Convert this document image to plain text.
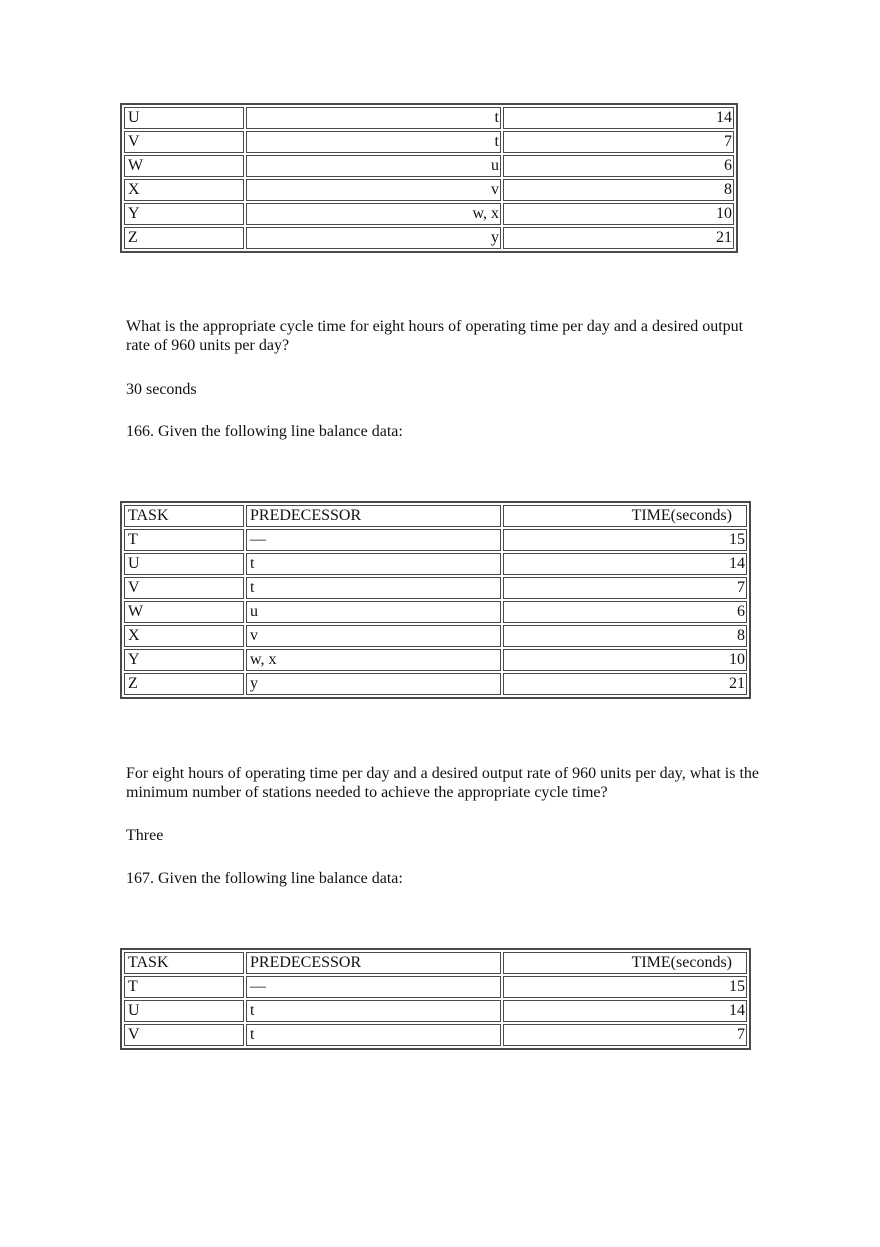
U	t	14
V	t	7
W	u	6
X	v	8
Y	w, x	10
Z	y	21

What is the appropriate cycle time for eight hours of operating time per day and a desired output rate of 960 units per day?

30 seconds

166. Given the following line balance data:

TASK	PREDECESSOR	TIME(seconds)
T	—	15
U	t	14
V	t	7
W	u	6
X	v	8
Y	w, x	10
Z	y	21

For eight hours of operating time per day and a desired output rate of 960 units per day, what is the minimum number of stations needed to achieve the appropriate cycle time?

Three

167. Given the following line balance data:

TASK	PREDECESSOR	TIME(seconds)
T	—	15
U	t	14
V	t	7
